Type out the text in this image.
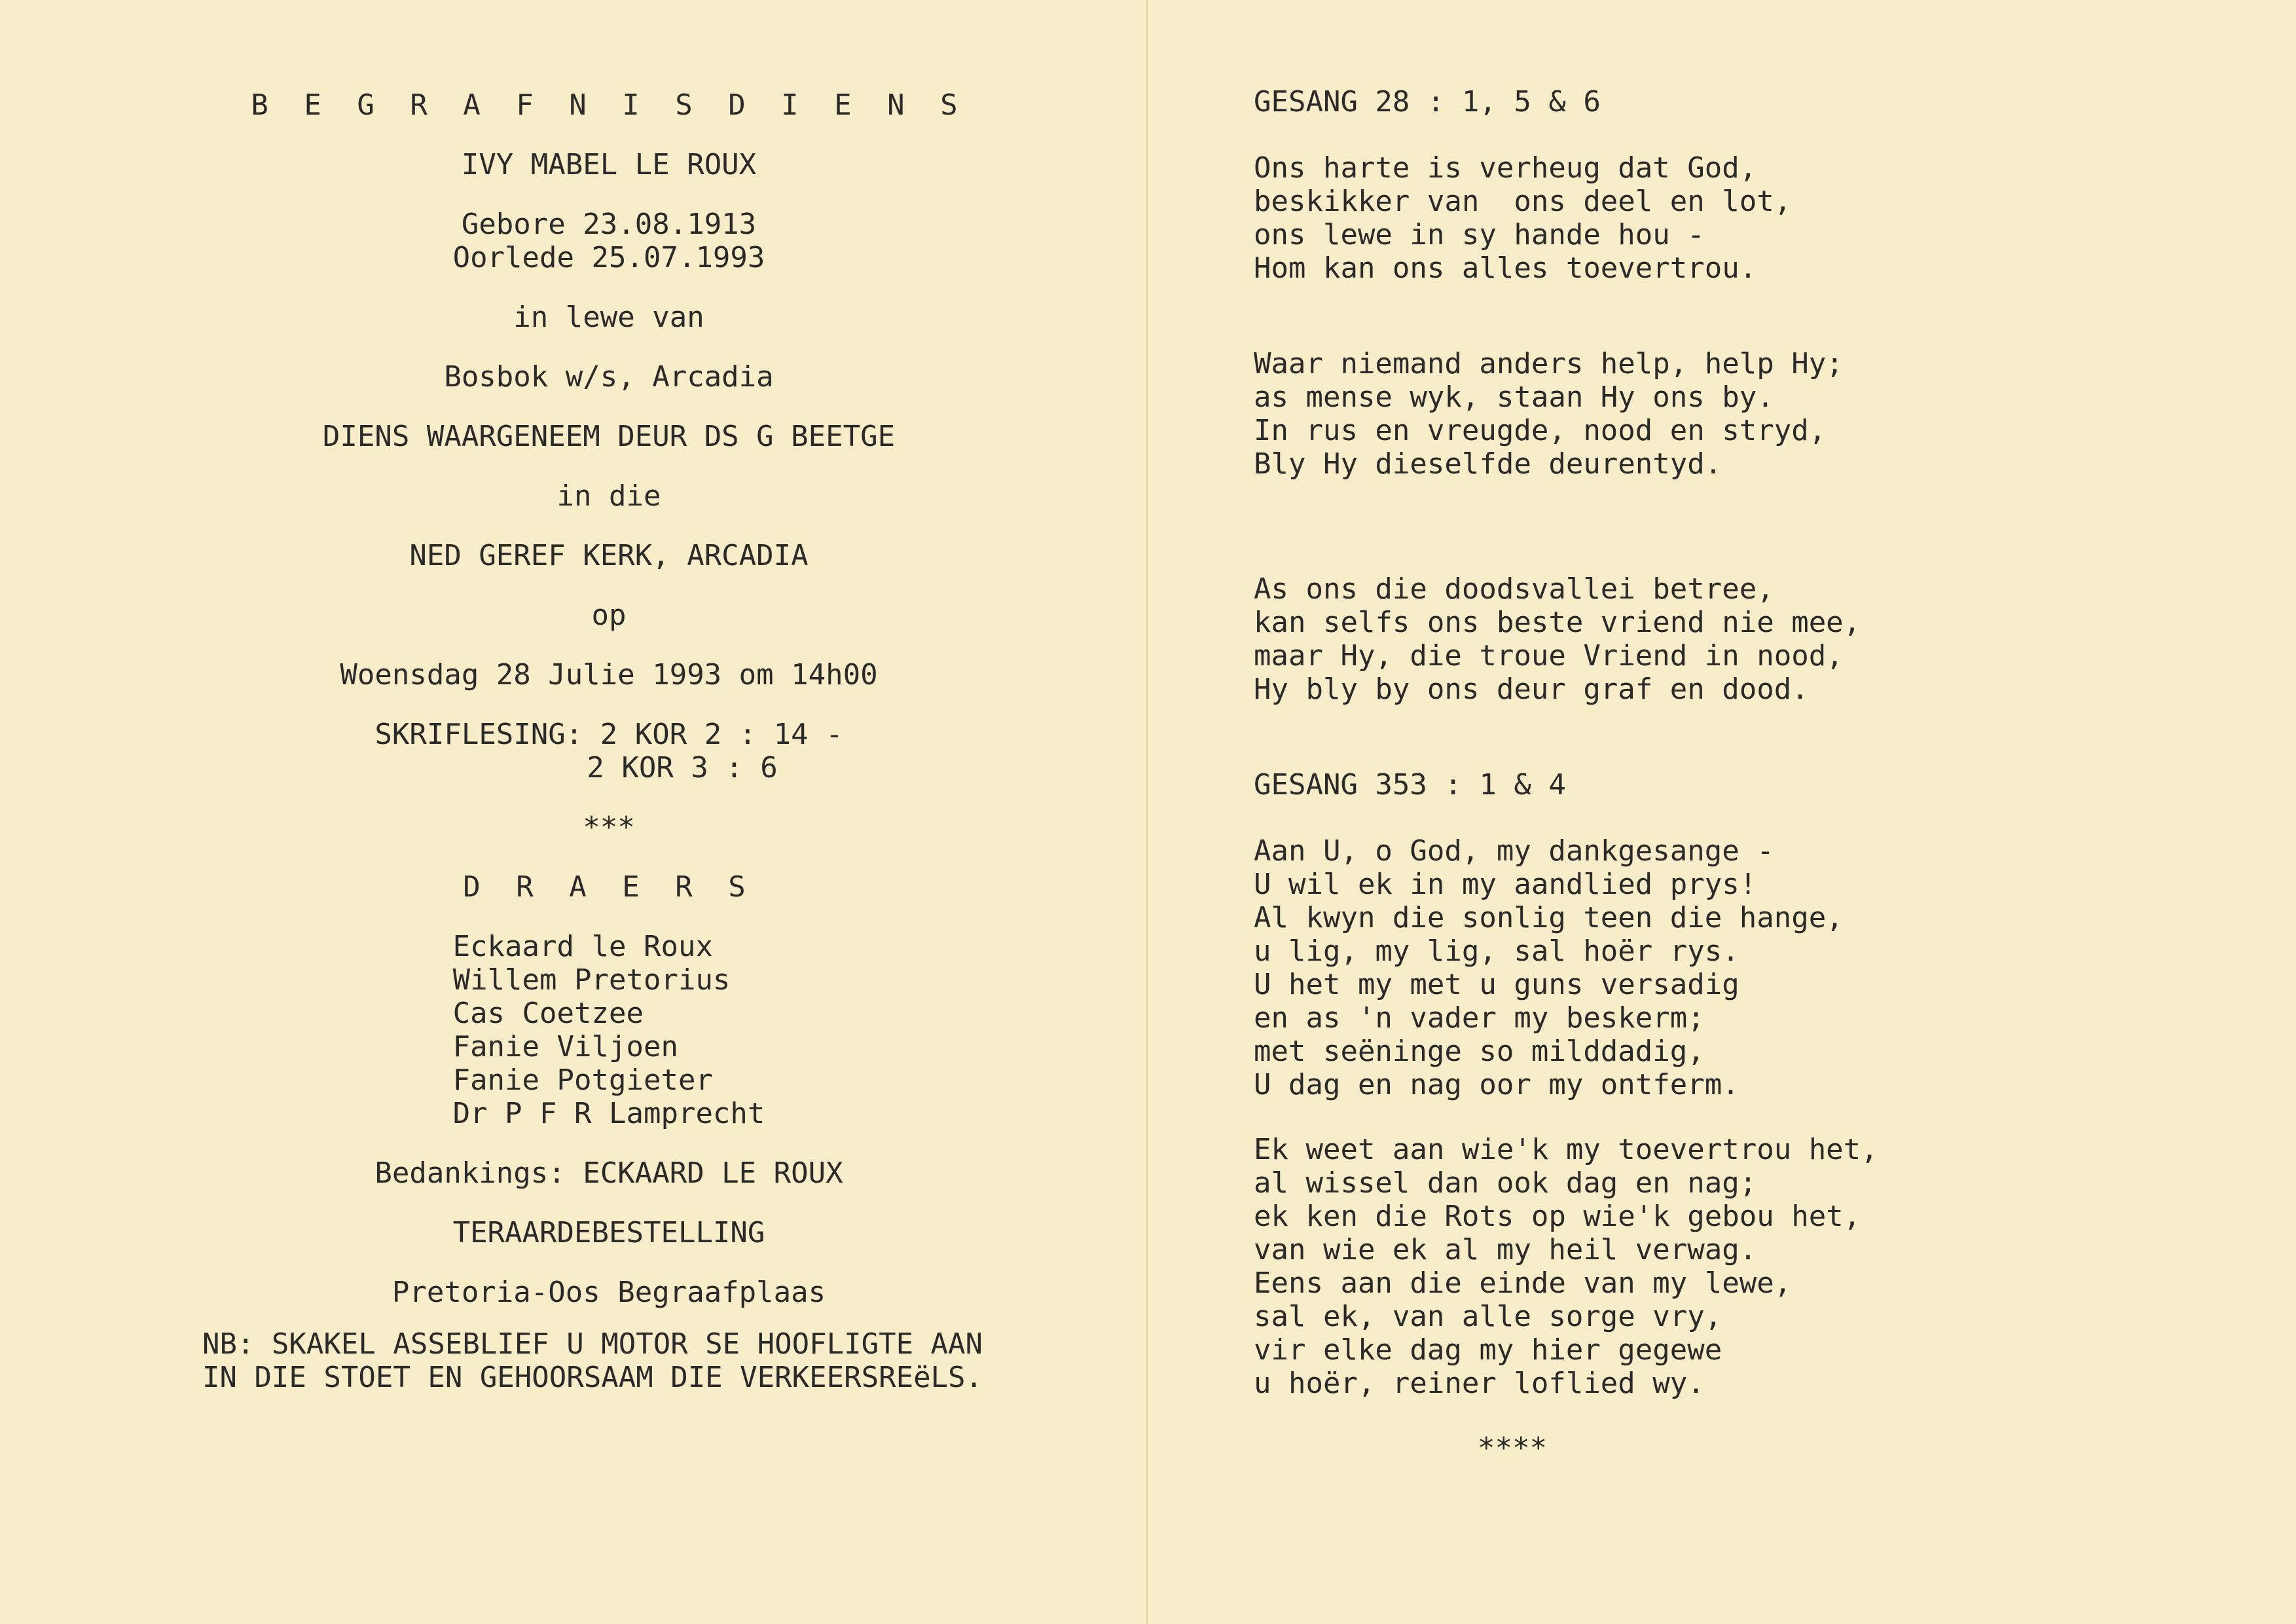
B E G R A F N I S D I E N S

IVY MABEL LE ROUX

Gebore 23.08.1913

Oorlede 25.07.1993

in lewe van

Bosbok w/s, Arcadia

DIENS WAARGENEEM DEUR DS G BEETGE

in die

NED GEREF KERK, ARCADIA

op

Woensdag 28 Julie 1993 om 14h00

SKRIFLESING: 2 KOR 2 : 14 -
2 KOR 3 : 6

***

D R A E R S

Eckaard le Roux
Willem Pretorius
Cas Coetzee
Fanie Viljoen
Fanie Potgieter
Dr P F R Lamprecht

Bedankings: ECKAARD LE ROUX

TERAARDEBESTELLING

Pretoria-Oos Begraafplaas

NB: SKAKEL ASSEBLIEF U MOTOR SE HOOFLIGTE AAN
IN DIE STOET EN GEHOORSAAM DIE VERKEERSREëLS.

GESANG 28 : 1, 5 & 6

Ons harte is verheug dat God,

beskikker van  ons deel en lot,

ons lewe in sy hande hou -

Hom kan ons alles toevertrou.

Waar niemand anders help, help Hy;

as mense wyk, staan Hy ons by.

In rus en vreugde, nood en stryd,

Bly Hy dieselfde deurentyd.

As ons die doodsvallei betree,

kan selfs ons beste vriend nie mee,

maar Hy, die troue Vriend in nood,

Hy bly by ons deur graf en dood.

GESANG 353 : 1 & 4

Aan U, o God, my dankgesange -

U wil ek in my aandlied prys!

Al kwyn die sonlig teen die hange,

u lig, my lig, sal hoër rys.

U het my met u guns versadig

en as 'n vader my beskerm;

met seëninge so milddadig,

U dag en nag oor my ontferm.

Ek weet aan wie'k my toevertrou het,

al wissel dan ook dag en nag;

ek ken die Rots op wie'k gebou het,

van wie ek al my heil verwag.

Eens aan die einde van my lewe,

sal ek, van alle sorge vry,

vir elke dag my hier gegewe

u hoër, reiner loflied wy.

****
